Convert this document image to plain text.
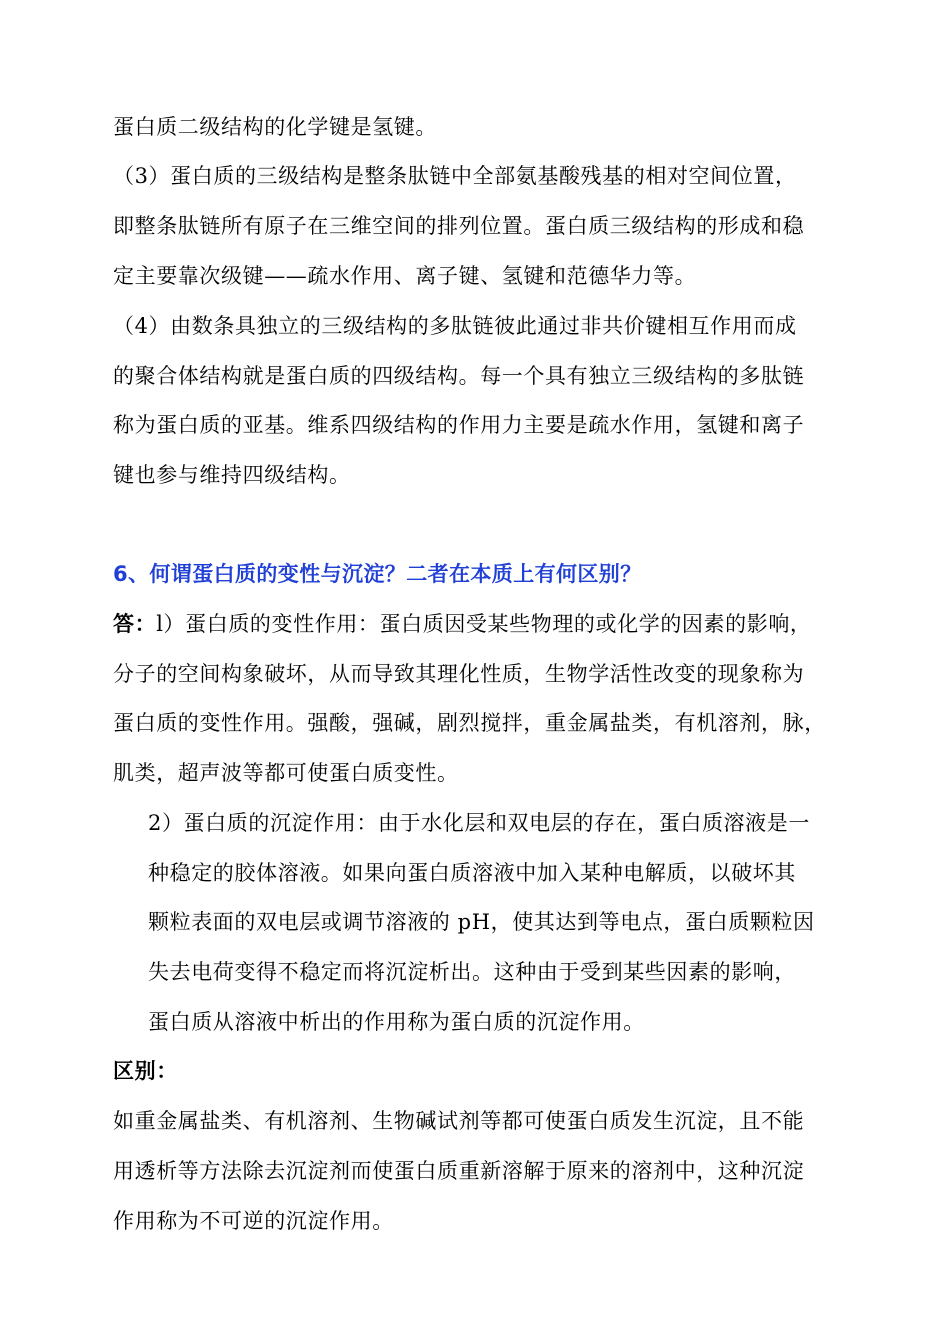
蛋白质二级结构的化学键是氢键。
（3）蛋白质的三级结构是整条肽链中全部氨基酸残基的相对空间位置，
即整条肽链所有原子在三维空间的排列位置。蛋白质三级结构的形成和稳
定主要靠次级键——疏水作用、离子键、氢键和范德华力等。
（4）由数条具独立的三级结构的多肽链彼此通过非共价键相互作用而成
的聚合体结构就是蛋白质的四级结构。每一个具有独立三级结构的多肽链
称为蛋白质的亚基。维系四级结构的作用力主要是疏水作用，氢键和离子
键也参与维持四级结构。
6、何谓蛋白质的变性与沉淀？二者在本质上有何区别？
答：l）蛋白质的变性作用：蛋白质因受某些物理的或化学的因素的影响，
分子的空间构象破坏，从而导致其理化性质，生物学活性改变的现象称为
蛋白质的变性作用。强酸，强碱，剧烈搅拌，重金属盐类，有机溶剂，脉，
肌类，超声波等都可使蛋白质变性。
2）蛋白质的沉淀作用：由于水化层和双电层的存在，蛋白质溶液是一
种稳定的胶体溶液。如果向蛋白质溶液中加入某种电解质，以破坏其
颗粒表面的双电层或调节溶液的 pH，使其达到等电点，蛋白质颗粒因
失去电荷变得不稳定而将沉淀析出。这种由于受到某些因素的影响，
蛋白质从溶液中析出的作用称为蛋白质的沉淀作用。
区别：
如重金属盐类、有机溶剂、生物碱试剂等都可使蛋白质发生沉淀，且不能
用透析等方法除去沉淀剂而使蛋白质重新溶解于原来的溶剂中，这种沉淀
作用称为不可逆的沉淀作用。
